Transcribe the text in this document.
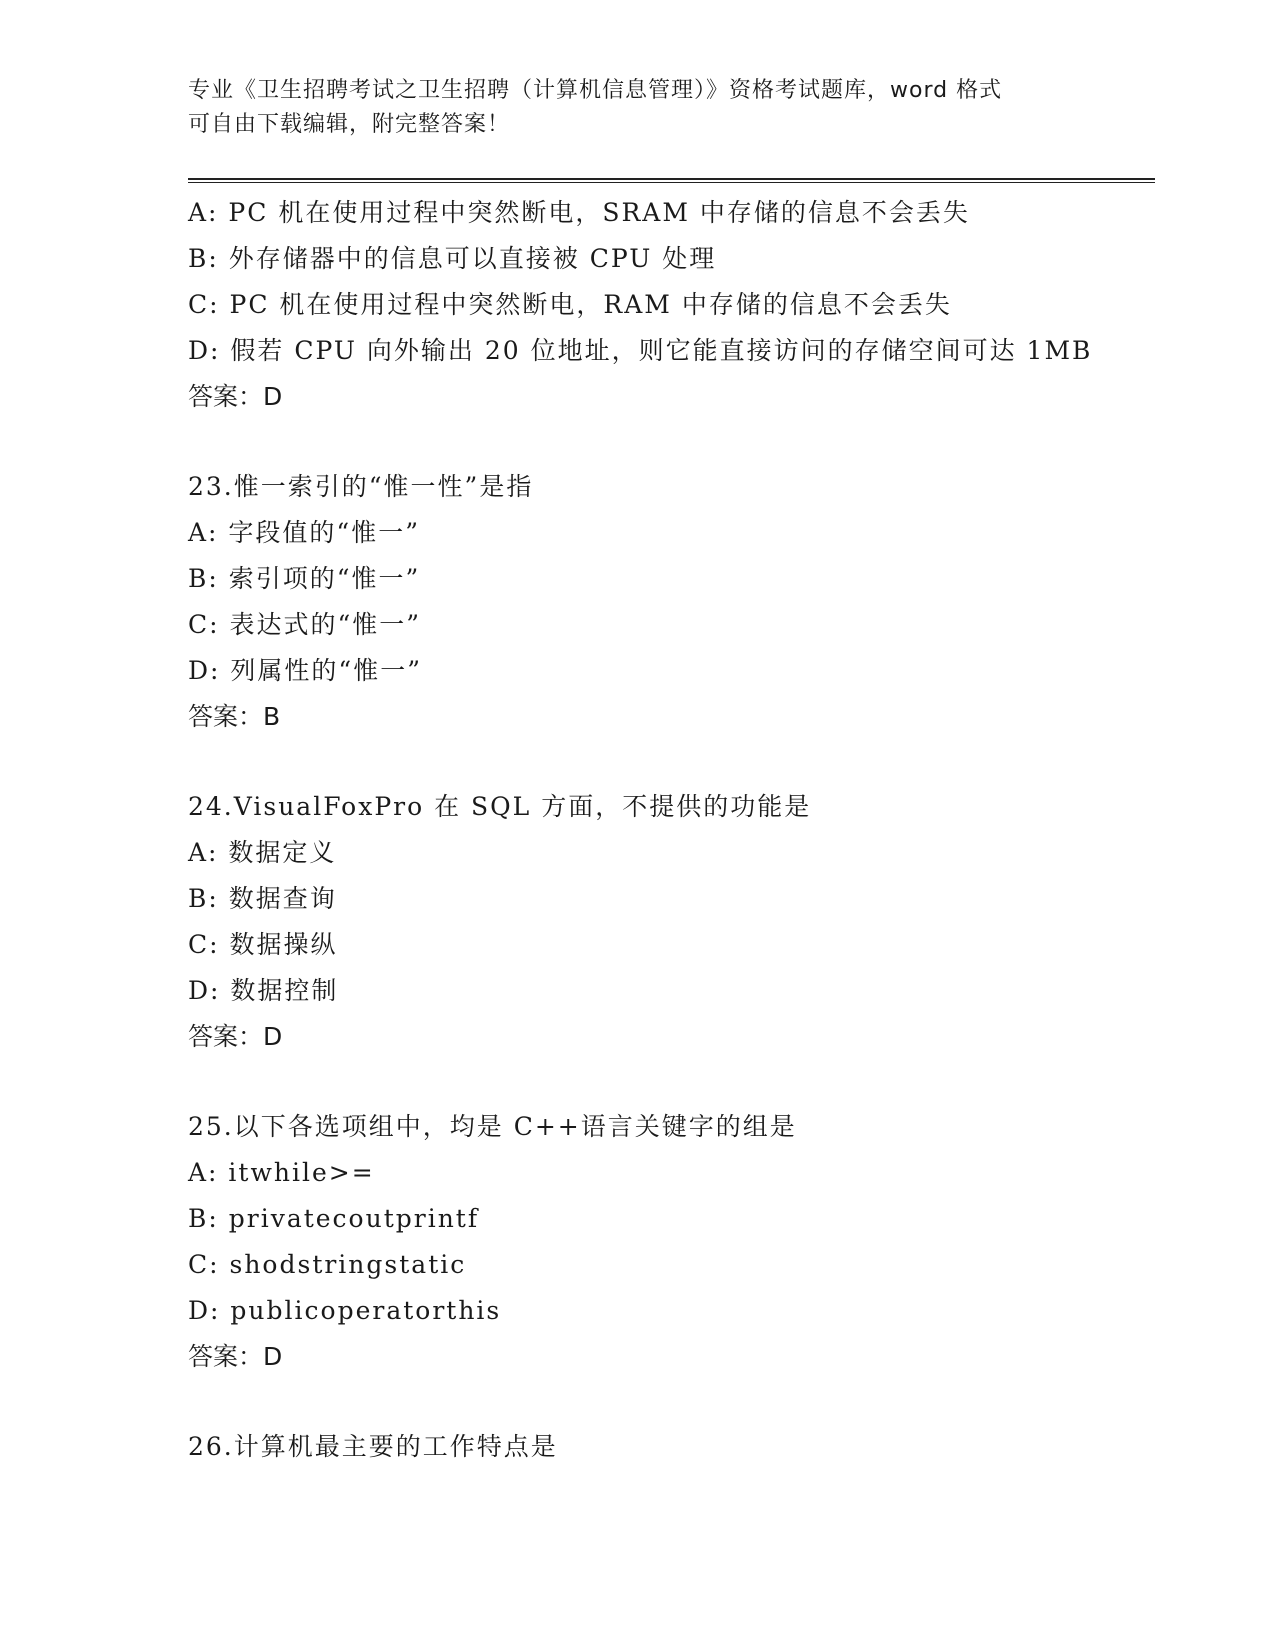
专业《卫生招聘考试之卫生招聘（计算机信息管理）》资格考试题库，word 格式
可自由下载编辑，附完整答案！
A: PC 机在使用过程中突然断电，SRAM 中存储的信息不会丢失
B: 外存储器中的信息可以直接被 CPU 处理
C: PC 机在使用过程中突然断电，RAM 中存储的信息不会丢失
D: 假若 CPU 向外输出 20 位地址，则它能直接访问的存储空间可达 1MB
答案：D
23.惟一索引的“惟一性”是指
A: 字段值的“惟一”
B: 索引项的“惟一”
C: 表达式的“惟一”
D: 列属性的“惟一”
答案：B
24.VisualFoxPro 在 SQL 方面，不提供的功能是
A: 数据定义
B: 数据查询
C: 数据操纵
D: 数据控制
答案：D
25.以下各选项组中，均是 C++语言关键字的组是
A: itwhile>=
B: privatecoutprintf
C: shodstringstatic
D: publicoperatorthis
答案：D
26.计算机最主要的工作特点是
